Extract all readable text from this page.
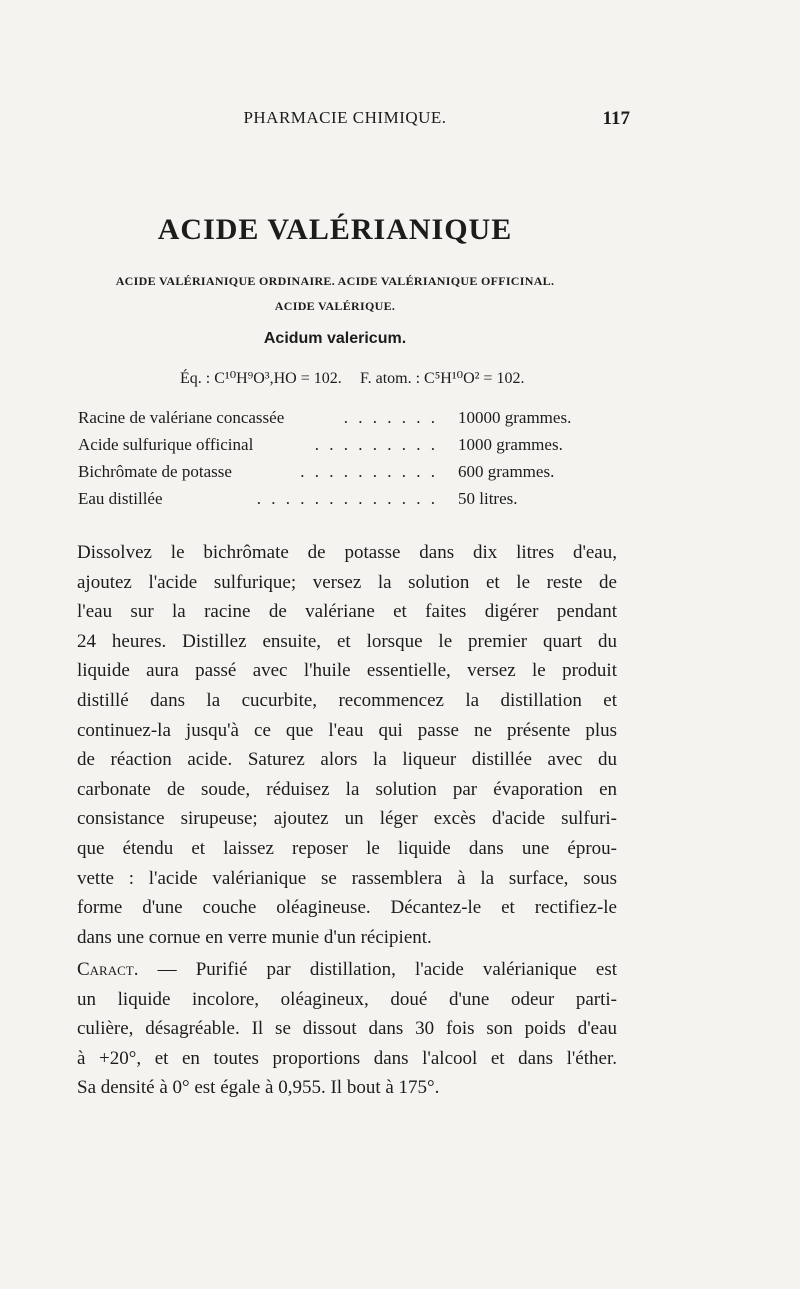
PHARMACIE CHIMIQUE.	117
ACIDE VALÉRIANIQUE
ACIDE VALÉRIANIQUE ORDINAIRE. ACIDE VALÉRIANIQUE OFFICINAL.
ACIDE VALÉRIQUE.
Acidum valericum.
Éq. : C¹⁰H⁹O³,HO = 102. F. atom. : C⁵H¹⁰O² = 102.
Racine de valériane concassée	. . . . . . . 10000 grammes.
Acide sulfurique officinal	. . . . . . . . . 1000 grammes.
Bichrômate de potasse	. . . . . . . . . . 600 grammes.
Eau distillée	. . . . . . . . . . . . . 50 litres.
Dissolvez le bichrômate de potasse dans dix litres d'eau,
ajoutez l'acide sulfurique; versez la solution et le reste de
l'eau sur la racine de valériane et faites digérer pendant
24 heures. Distillez ensuite, et lorsque le premier quart du
liquide aura passé avec l'huile essentielle, versez le produit
distillé dans la cucurbite, recommencez la distillation et
continuez-la jusqu'à ce que l'eau qui passe ne présente plus
de réaction acide. Saturez alors la liqueur distillée avec du
carbonate de soude, réduisez la solution par évaporation en
consistance sirupeuse; ajoutez un léger excès d'acide sulfuri-
que étendu et laissez reposer le liquide dans une éprou-
vette : l'acide valérianique se rassemblera à la surface, sous
forme d'une couche oléagineuse. Décantez-le et rectifiez-le
dans une cornue en verre munie d'un récipient.
Caract. — Purifié par distillation, l'acide valérianique est
un liquide incolore, oléagineux, doué d'une odeur parti-
culière, désagréable. Il se dissout dans 30 fois son poids d'eau
à +20°, et en toutes proportions dans l'alcool et dans l'éther.
Sa densité à 0° est égale à 0,955. Il bout à 175°.
